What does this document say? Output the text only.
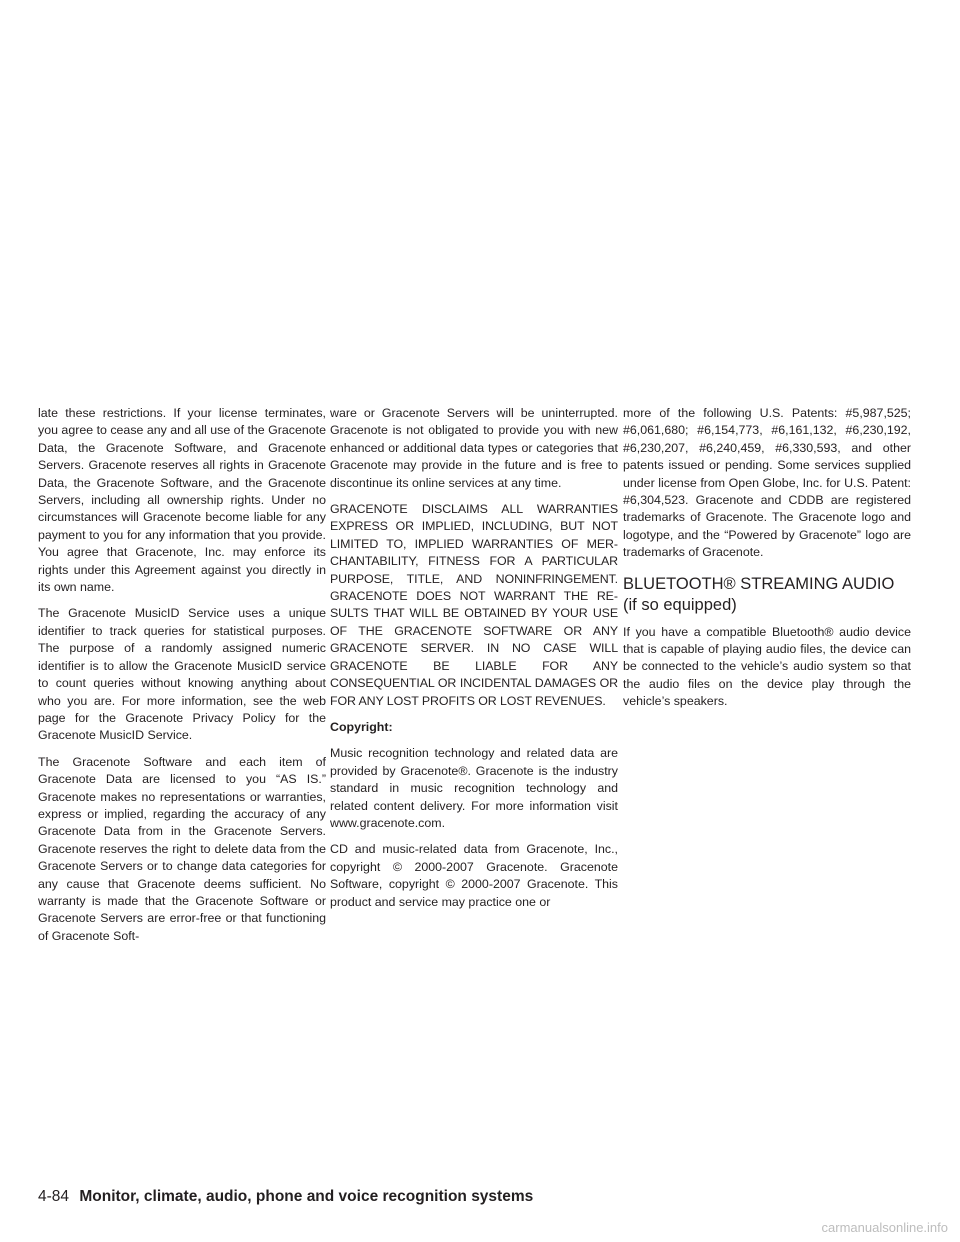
late these restrictions. If your license terminates, you agree to cease any and all use of the Gracenote Data, the Gracenote Software, and Gracenote Servers. Gracenote reserves all rights in Gracenote Data, the Gracenote Software, and the Gracenote Servers, including all ownership rights. Under no circumstances will Gracenote become liable for any payment to you for any information that you provide. You agree that Gracenote, Inc. may enforce its rights under this Agreement against you directly in its own name.

The Gracenote MusicID Service uses a unique identifier to track queries for statistical purposes. The purpose of a randomly assigned numeric identifier is to allow the Gracenote MusicID service to count queries without knowing anything about who you are. For more information, see the web page for the Gracenote Privacy Policy for the Gracenote MusicID Service.

The Gracenote Software and each item of Gracenote Data are licensed to you “AS IS.” Gracenote makes no representations or warranties, express or implied, regarding the accuracy of any Gracenote Data from in the Gracenote Servers. Gracenote reserves the right to delete data from the Gracenote Servers or to change data categories for any cause that Gracenote deems sufficient. No warranty is made that the Gracenote Software or Gracenote Servers are error-free or that functioning of Gracenote Soft-

ware or Gracenote Servers will be uninterrupted. Gracenote is not obligated to provide you with new enhanced or additional data types or categories that Gracenote may provide in the future and is free to discontinue its online services at any time.

GRACENOTE DISCLAIMS ALL WARRANTIES EXPRESS OR IMPLIED, INCLUDING, BUT NOT LIMITED TO, IMPLIED WARRANTIES OF MERCHANTABILITY, FITNESS FOR A PARTICULAR PURPOSE, TITLE, AND NONINFRINGEMENT. GRACENOTE DOES NOT WARRANT THE RESULTS THAT WILL BE OBTAINED BY YOUR USE OF THE GRACENOTE SOFTWARE OR ANY GRACENOTE SERVER. IN NO CASE WILL GRACENOTE BE LIABLE FOR ANY CONSEQUENTIAL OR INCIDENTAL DAMAGES OR FOR ANY LOST PROFITS OR LOST REVENUES.

Copyright:

Music recognition technology and related data are provided by Gracenote®. Gracenote is the industry standard in music recognition technology and related content delivery. For more information visit www.gracenote.com.

CD and music-related data from Gracenote, Inc., copyright © 2000-2007 Gracenote. Gracenote Software, copyright © 2000-2007 Gracenote. This product and service may practice one or

more of the following U.S. Patents: #5,987,525; #6,061,680; #6,154,773, #6,161,132, #6,230,192, #6,230,207, #6,240,459, #6,330,593, and other patents issued or pending. Some services supplied under license from Open Globe, Inc. for U.S. Patent: #6,304,523. Gracenote and CDDB are registered trademarks of Gracenote. The Gracenote logo and logotype, and the “Powered by Gracenote” logo are trademarks of Gracenote.

BLUETOOTH® STREAMING AUDIO
(if so equipped)

If you have a compatible Bluetooth® audio device that is capable of playing audio files, the device can be connected to the vehicle’s audio system so that the audio files on the device play through the vehicle’s speakers.

4-84 Monitor, climate, audio, phone and voice recognition systems
carmanualsonline.info
